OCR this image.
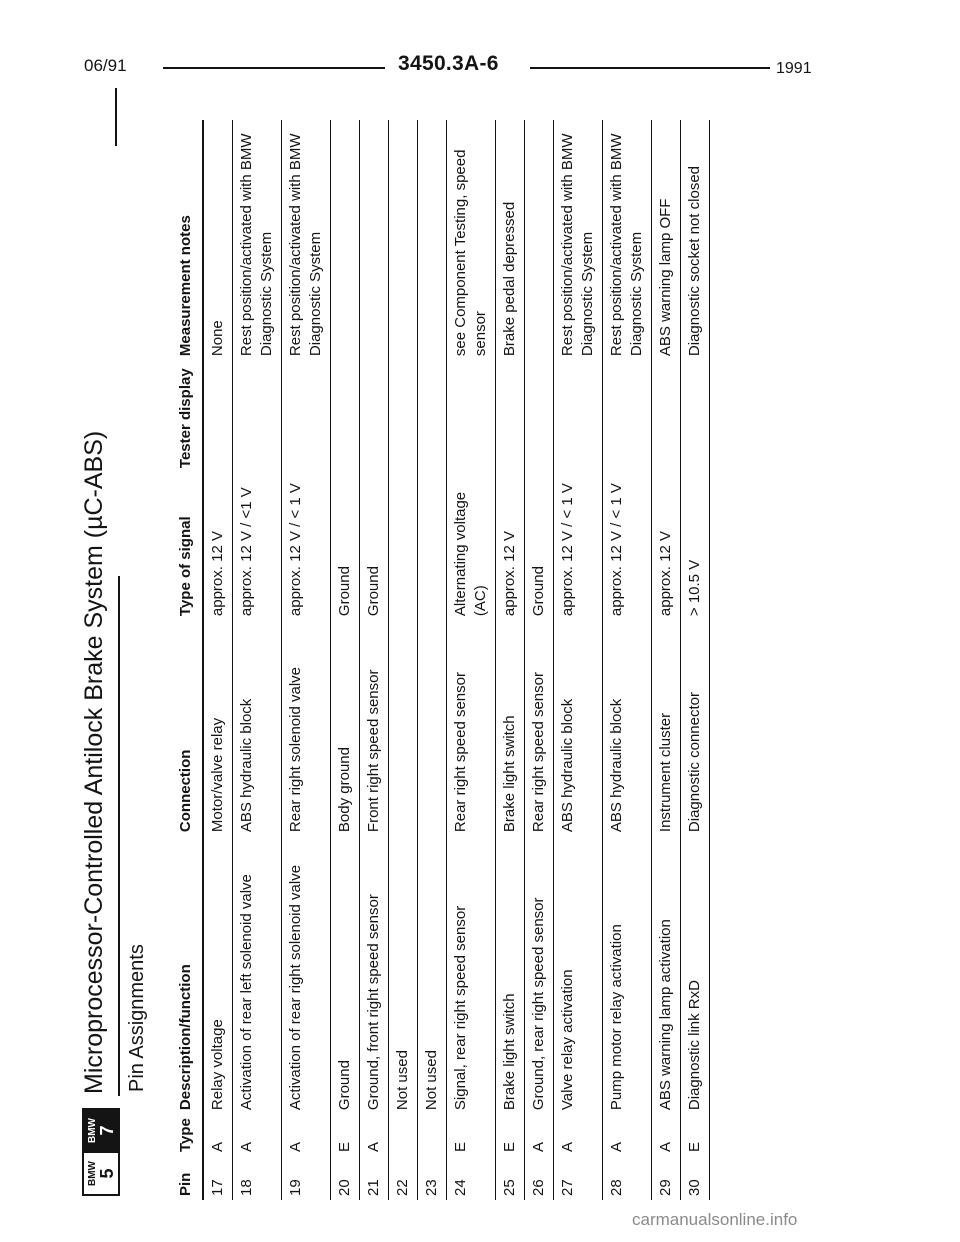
06/91	3450.3A-6	1991
BMW 5
BMW 7
Microprocessor-Controlled Antilock Brake System (µC-ABS) Pin Assignments
Pin	Type	Description/function	Connection	Type of signal	Tester display	Measurement notes
17	A	Relay voltage	Motor/valve relay	approx. 12 V		None
18	A	Activation of rear left solenoid valve	ABS hydraulic block	approx. 12 V / <1 V		Rest position/activated with BMW Diagnostic System
19	A	Activation of rear right solenoid valve	Rear right solenoid valve	approx. 12 V / < 1 V		Rest position/activated with BMW Diagnostic System
20	E	Ground	Body ground	Ground		
21	A	Ground, front right speed sensor	Front right speed sensor	Ground		
22		Not used				
23		Not used				
24	E	Signal, rear right speed sensor	Rear right speed sensor	Alternating voltage (AC)		see Component Testing, speed sensor
25	E	Brake light switch	Brake light switch	approx. 12 V		Brake pedal depressed
26	A	Ground, rear right speed sensor	Rear right speed sensor	Ground		
27	A	Valve relay activation	ABS hydraulic block	approx. 12 V / < 1 V		Rest position/activated with BMW Diagnostic System
28	A	Pump motor relay activation	ABS hydraulic block	approx. 12 V / < 1 V		Rest position/activated with BMW Diagnostic System
29	A	ABS warning lamp activation	Instrument cluster	approx. 12 V		ABS warning lamp OFF
30	E	Diagnostic link RxD	Diagnostic connector	> 10.5 V		Diagnostic socket not closed
carmanualsonline.info
